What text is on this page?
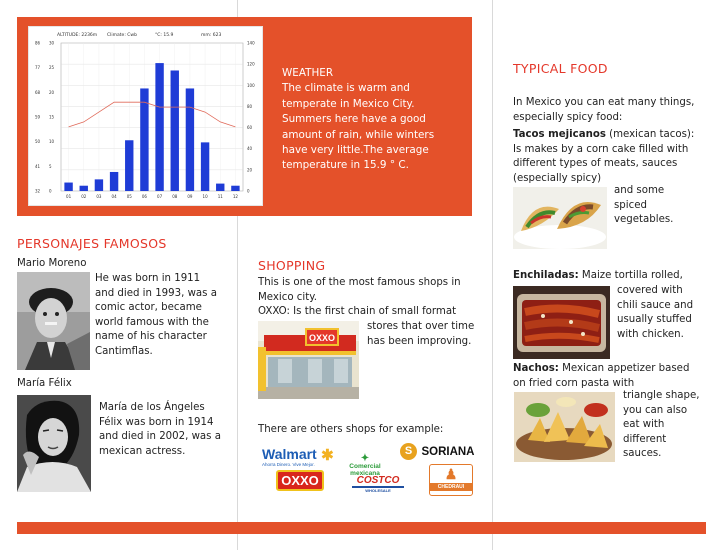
ALTITUDE: 2236m Climate: Cwb	°C: 15.9	mm: 623
140
120
100
80
60
40
20
0
86 30
77 25
68 20
59 15
50 10
41 5
32 0
01	02	03	04	05	06	07	08	09	10	11	12
WEATHER
The climate is warm and temperate in Mexico City. Summers here have a good amount of rain, while winters have very little.The average temperature in 15.9 ° C.
PERSONAJES FAMOSOS
Mario Moreno
He was born in 1911 and died in 1993, was a comic actor, became world famous with the name of his character Cantimflas.
María Félix
María de los Ángeles Félix was born in 1914 and died in 2002, was a mexican actress.
SHOPPING
This is one of the most famous shops in Mexico city.
OXXO: Is the first chain of small format
OXXO
stores that over time has been improving.
There are others shops for example:
Walmart ✱
Ahorra Dinero. Vive Mejor.
✦
Comercial mexicana
S SORIANA
OXXO	COSTCO
WHOLESALE
♟
CHEDRAUI
TYPICAL FOOD
In Mexico you can eat many things, especially spicy food:
Tacos mejicanos (mexican tacos): Is makes by a corn cake filled with different types of meats, sauces (especially spicy)
and some spiced vegetables.
Enchiladas: Maize tortilla rolled,
covered with chili sauce and usually stuffed with chicken.
Nachos: Mexican appetizer based on fried corn pasta with
triangle shape, you can also eat with different sauces.
